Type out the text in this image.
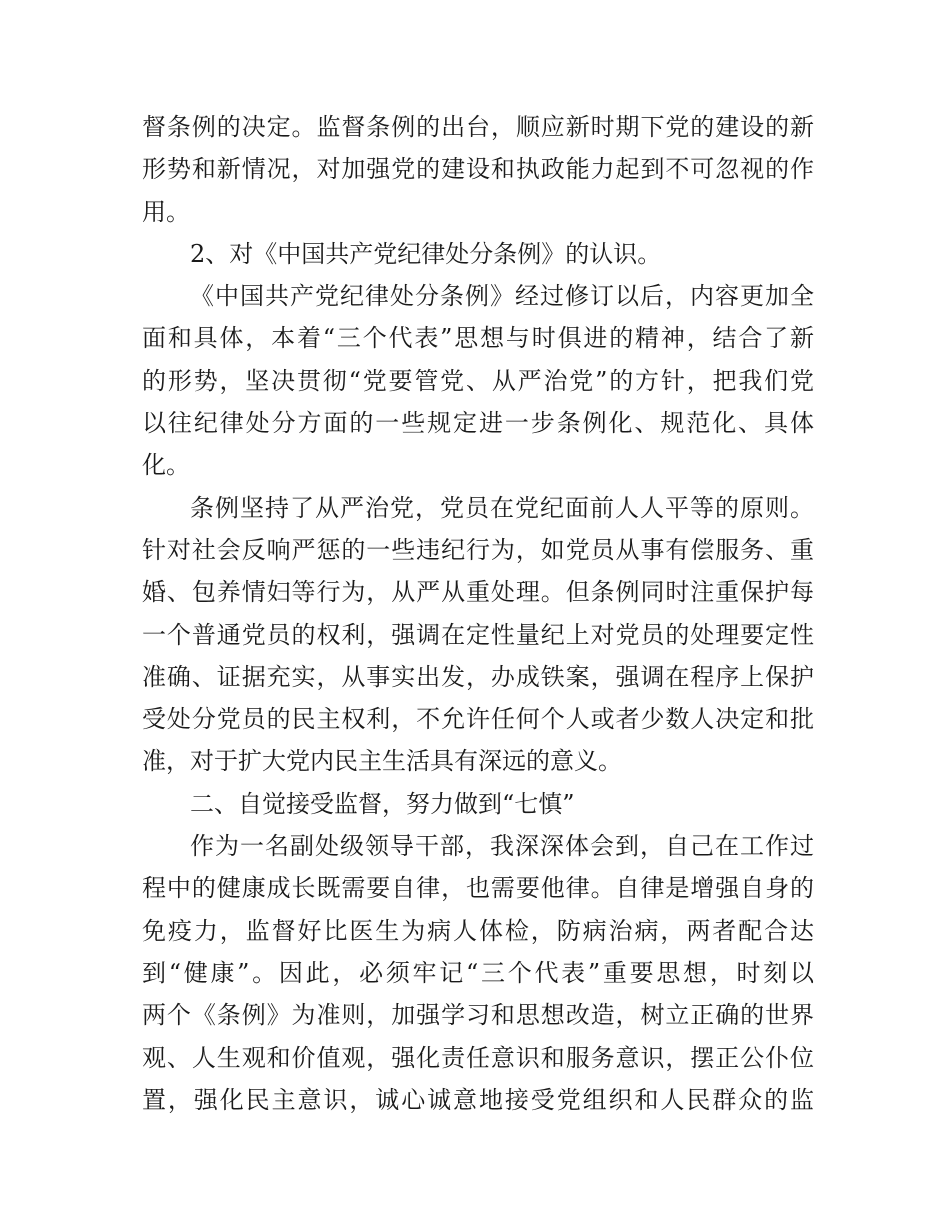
督条例的决定。监督条例的出台，顺应新时期下党的建设的新
形势和新情况，对加强党的建设和执政能力起到不可忽视的作
用。
2、对《中国共产党纪律处分条例》的认识。
《中国共产党纪律处分条例》经过修订以后，内容更加全
面和具体，本着“三个代表”思想与时俱进的精神，结合了新
的形势，坚决贯彻“党要管党、从严治党”的方针，把我们党
以往纪律处分方面的一些规定进一步条例化、规范化、具体
化。
条例坚持了从严治党，党员在党纪面前人人平等的原则。
针对社会反响严惩的一些违纪行为，如党员从事有偿服务、重
婚、包养情妇等行为，从严从重处理。但条例同时注重保护每
一个普通党员的权利，强调在定性量纪上对党员的处理要定性
准确、证据充实，从事实出发，办成铁案，强调在程序上保护
受处分党员的民主权利，不允许任何个人或者少数人决定和批
准，对于扩大党内民主生活具有深远的意义。
二、自觉接受监督，努力做到“七慎”
作为一名副处级领导干部，我深深体会到，自己在工作过
程中的健康成长既需要自律，也需要他律。自律是增强自身的
免疫力，监督好比医生为病人体检，防病治病，两者配合达
到“健康”。因此，必须牢记“三个代表”重要思想，时刻以
两个《条例》为准则，加强学习和思想改造，树立正确的世界
观、人生观和价值观，强化责任意识和服务意识，摆正公仆位
置，强化民主意识，诚心诚意地接受党组织和人民群众的监
